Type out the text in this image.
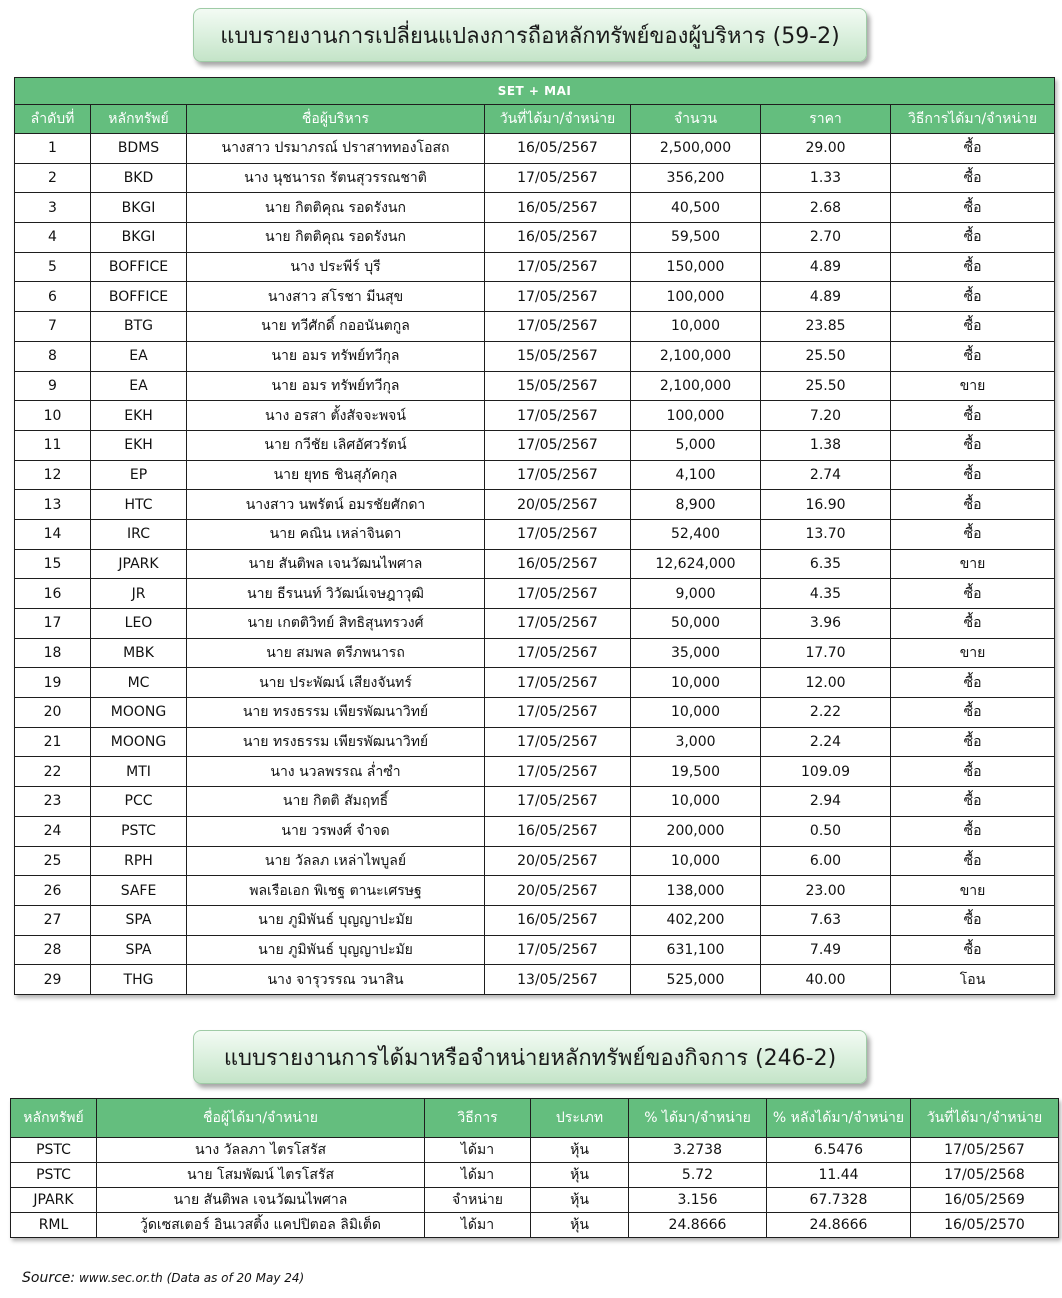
แบบรายงานการเปลี่ยนแปลงการถือหลักทรัพย์ของผู้บริหาร (59-2)
SET + MAI						
ลำดับที่	หลักทรัพย์	ชื่อผู้บริหาร	วันที่ได้มา/จำหน่าย	จำนวน	ราคา	วิธีการได้มา/จำหน่าย
1	BDMS	นางสาว ปรมาภรณ์ ปราสาททองโอสถ	16/05/2567	2,500,000	29.00	ซื้อ
2	BKD	นาง นุชนารถ รัตนสุวรรณชาติ	17/05/2567	356,200	1.33	ซื้อ
3	BKGI	นาย กิตติคุณ รอดรังนก	16/05/2567	40,500	2.68	ซื้อ
4	BKGI	นาย กิตติคุณ รอดรังนก	16/05/2567	59,500	2.70	ซื้อ
5	BOFFICE	นาง ประพีร์ บุรี	17/05/2567	150,000	4.89	ซื้อ
6	BOFFICE	นางสาว สโรชา มีนสุข	17/05/2567	100,000	4.89	ซื้อ
7	BTG	นาย ทวีศักดิ์ กออนันตกูล	17/05/2567	10,000	23.85	ซื้อ
8	EA	นาย อมร ทรัพย์ทวีกุล	15/05/2567	2,100,000	25.50	ซื้อ
9	EA	นาย อมร ทรัพย์ทวีกุล	15/05/2567	2,100,000	25.50	ขาย
10	EKH	นาง อรสา ตั้งสัจจะพจน์	17/05/2567	100,000	7.20	ซื้อ
11	EKH	นาย กวีชัย เลิศอัศวรัตน์	17/05/2567	5,000	1.38	ซื้อ
12	EP	นาย ยุทธ ชินสุภัคกุล	17/05/2567	4,100	2.74	ซื้อ
13	HTC	นางสาว นพรัตน์ อมรชัยศักดา	20/05/2567	8,900	16.90	ซื้อ
14	IRC	นาย คณิน เหล่าจินดา	17/05/2567	52,400	13.70	ซื้อ
15	JPARK	นาย สันติพล เจนวัฒนไพศาล	16/05/2567	12,624,000	6.35	ขาย
16	JR	นาย ธีรนนท์ วิวัฒน์เจษฎาวุฒิ	17/05/2567	9,000	4.35	ซื้อ
17	LEO	นาย เกตติวิทย์ สิทธิสุนทรวงศ์	17/05/2567	50,000	3.96	ซื้อ
18	MBK	นาย สมพล ตรีภพนารถ	17/05/2567	35,000	17.70	ขาย
19	MC	นาย ประพัฒน์ เสียงจันทร์	17/05/2567	10,000	12.00	ซื้อ
20	MOONG	นาย ทรงธรรม เพียรพัฒนาวิทย์	17/05/2567	10,000	2.22	ซื้อ
21	MOONG	นาย ทรงธรรม เพียรพัฒนาวิทย์	17/05/2567	3,000	2.24	ซื้อ
22	MTI	นาง นวลพรรณ ล่ำซำ	17/05/2567	19,500	109.09	ซื้อ
23	PCC	นาย กิตติ สัมฤทธิ์	17/05/2567	10,000	2.94	ซื้อ
24	PSTC	นาย วรพงศ์ จำจด	16/05/2567	200,000	0.50	ซื้อ
25	RPH	นาย วัลลภ เหล่าไพบูลย์	20/05/2567	10,000	6.00	ซื้อ
26	SAFE	พลเรือเอก พิเชฐ ตานะเศรษฐ	20/05/2567	138,000	23.00	ขาย
27	SPA	นาย ภูมิพันธ์ บุญญาปะมัย	16/05/2567	402,200	7.63	ซื้อ
28	SPA	นาย ภูมิพันธ์ บุญญาปะมัย	17/05/2567	631,100	7.49	ซื้อ
29	THG	นาง จารุวรรณ วนาสิน	13/05/2567	525,000	40.00	โอน
แบบรายงานการได้มาหรือจำหน่ายหลักทรัพย์ของกิจการ (246-2)
หลักทรัพย์	ชื่อผู้ได้มา/จำหน่าย	วิธีการ	ประเภท	% ได้มา/จำหน่าย	% หลังได้มา/จำหน่าย	วันที่ได้มา/จำหน่าย
PSTC	นาง วัลลภา ไตรโสรัส	ได้มา	หุ้น	3.2738	6.5476	17/05/2567
PSTC	นาย โสมพัฒน์ ไตรโสรัส	ได้มา	หุ้น	5.72	11.44	17/05/2568
JPARK	นาย สันติพล เจนวัฒนไพศาล	จำหน่าย	หุ้น	3.156	67.7328	16/05/2569
RML	วู้ดเซสเตอร์ อินเวสติ้ง แคปปิตอล ลิมิเต็ด	ได้มา	หุ้น	24.8666	24.8666	16/05/2570
Source: www.sec.or.th (Data as of 20 May 24)
